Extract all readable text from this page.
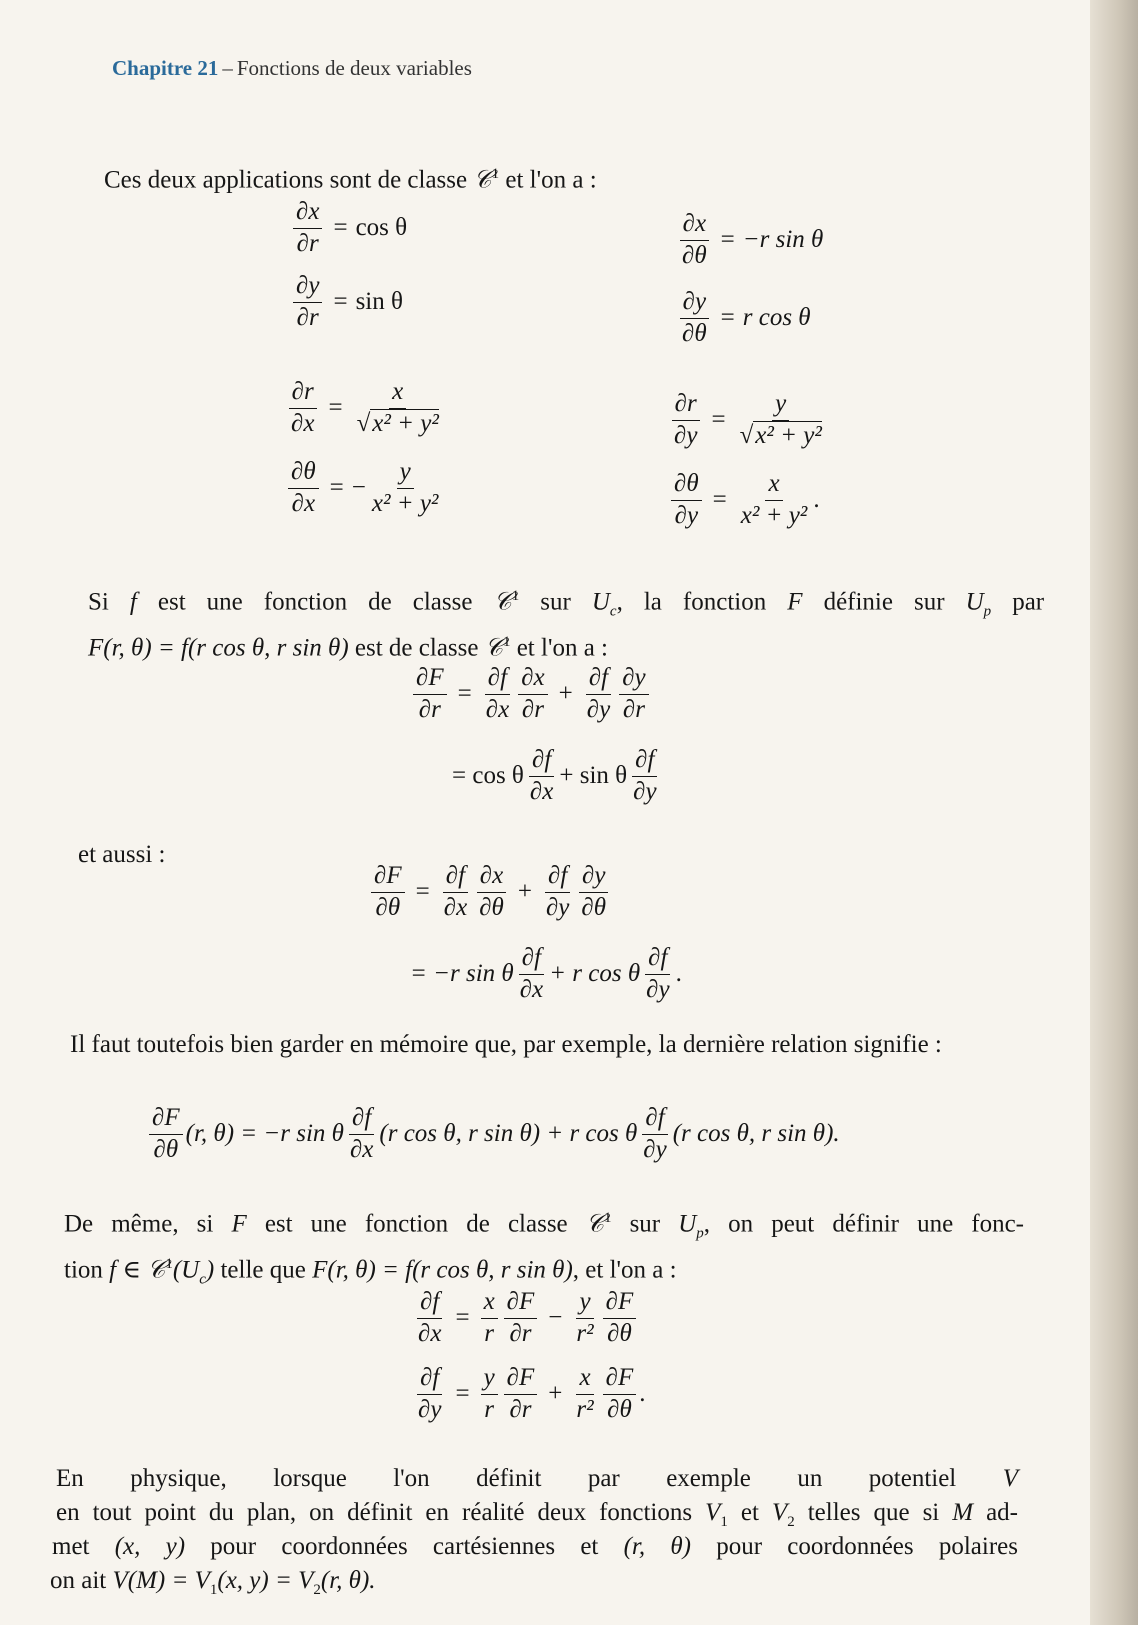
Chapitre 21 – Fonctions de deux variables
Ces deux applications sont de classe 𝒞$^1$ et l'on a :
$\frac{\partial x}{\partial r} = \cos \theta$
$\frac{\partial y}{\partial r} = \sin \theta$
$\frac{\partial r}{\partial x} = \frac{x}{\text{√x² + y²}}$
$\frac{\partial\theta}{\partial x}$ = − $\frac{y}{\text{x² + y²}}$
$\frac{\partial x}{\partial\theta} = -r$ sin θ
$\frac{\partial y}{\partial\theta} = r$ cos θ
$\frac{\partial r}{\partial y} = \frac{y}{\text{√x² + y²}}$
$\frac{\partial\theta}{\partial y} = \frac{x}{\text{x² + y²}}$ .
Si f est une fonction de classe 𝒞$^1$ sur $U_c$, la fonction F définie sur $U_p$ par
F(r, θ) = f(r cos θ, r sin θ) est de classe 𝒞$^1$ et l'on a :
$\frac{\partial F}{\partial r} = \frac{\partial f}{\partial x} \frac{\partial x}{\partial r} + \frac{\partial f}{\partial y} \frac{\partial y}{\partial r}$
= cos θ $\frac{\partial f}{\partial x} + \sin \theta \frac{\partial f}{\partial y}$
et aussi :
$\frac{\partial F}{\partial\theta} = \frac{\partial f}{\partial x} \frac{\partial x}{\partial\theta} + \frac{\partial f}{\partial y} \frac{\partial y}{\partial\theta}$
= −r sin θ $\frac{\partial f}{\partial x} + r$ cos θ $\frac{\partial f}{\partial y}$ .
Il faut toutefois bien garder en mémoire que, par exemple, la dernière relation signifie :
$\frac{\partial F}{\partial\theta} (r$, θ) = −r sin θ $\frac{\partial f}{\partial x} (r$ cos θ, r sin θ) + r cos θ $\frac{\partial f}{\partial y} (r$ cos θ, r sin θ).
De même, si F est une fonction de classe 𝒞$^1$ sur $U_p$, on peut définir une fonc-
tion f ∈ $𝒞^1(U_c)$ telle que F(r, θ) = f(r cos θ, r sin θ), et l'on a :
$\frac{\partial f}{\partial x} = \frac{x}{r} \frac{\partial F}{\partial r} - \frac{y}{\text{r²}} \frac{\partial F}{\partial\theta}$
$\frac{\partial f}{\partial y} = \frac{y}{r} \frac{\partial F}{\partial r} + \frac{x}{\text{r²}} \frac{\partial F}{\partial\theta}$ .
En physique, lorsque l'on définit par exemple un potentiel V
en tout point du plan, on définit en réalité deux fonctions $V_1$ et $V_2$ telles que si M ad-
met (x, y) pour coordonnées cartésiennes et (r, θ) pour coordonnées polaires
on ait $V(M) = V_1(x$, $y) = V_2(r$, θ).
